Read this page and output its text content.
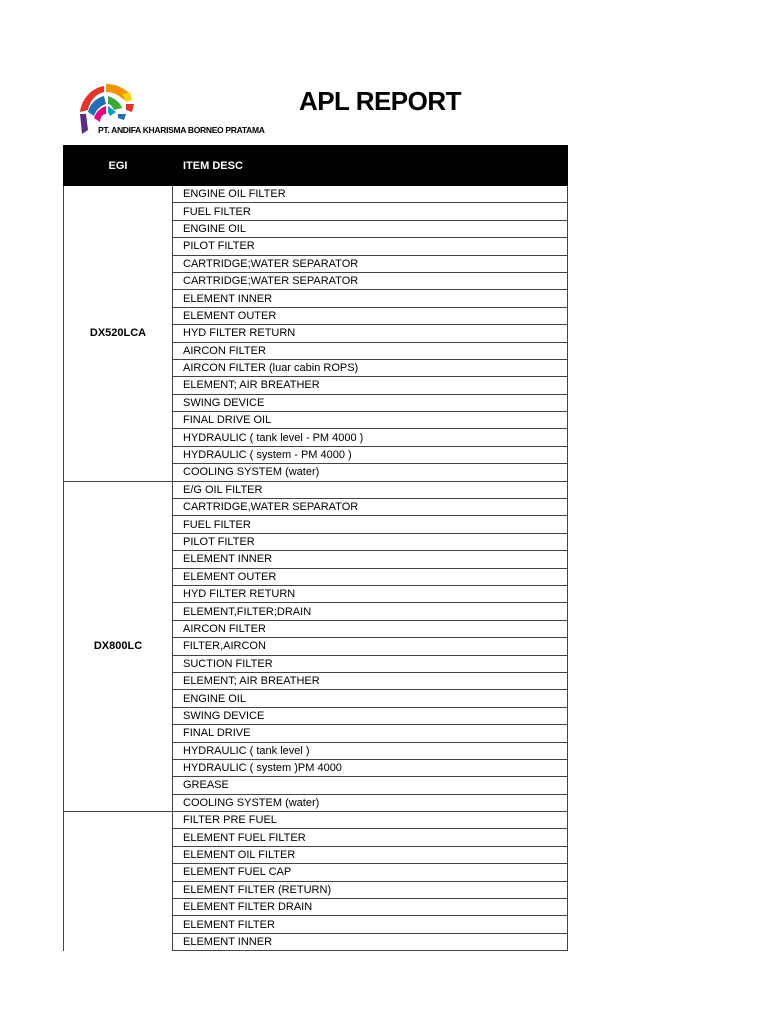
PT. ANDIFA KHARISMA BORNEO PRATAMA
APL REPORT
EGI	ITEM DESC
DX520LCA	ENGINE OIL FILTER
	FUEL FILTER
	ENGINE OIL
	PILOT FILTER
	CARTRIDGE;WATER SEPARATOR
	CARTRIDGE;WATER SEPARATOR
	ELEMENT INNER
	ELEMENT OUTER
	HYD FILTER RETURN
	AIRCON FILTER
	AIRCON FILTER (luar cabin ROPS)
	ELEMENT; AIR BREATHER
	SWING DEVICE
	FINAL DRIVE OIL
	HYDRAULIC ( tank level - PM 4000 )
	HYDRAULIC ( system - PM 4000 )
	COOLING SYSTEM (water)
DX800LC	E/G OIL FILTER
	CARTRIDGE,WATER SEPARATOR
	FUEL FILTER
	PILOT FILTER
	ELEMENT INNER
	ELEMENT OUTER
	HYD FILTER RETURN
	ELEMENT,FILTER;DRAIN
	AIRCON FILTER
	FILTER,AIRCON
	SUCTION FILTER
	ELEMENT; AIR BREATHER
	ENGINE OIL
	SWING DEVICE
	FINAL DRIVE
	HYDRAULIC ( tank level )
	HYDRAULIC ( system )PM 4000
	GREASE
	COOLING SYSTEM (water)
	FILTER PRE FUEL
	ELEMENT FUEL FILTER
	ELEMENT OIL FILTER
	ELEMENT FUEL CAP
	ELEMENT FILTER (RETURN)
	ELEMENT FILTER DRAIN
	ELEMENT FILTER
	ELEMENT INNER
